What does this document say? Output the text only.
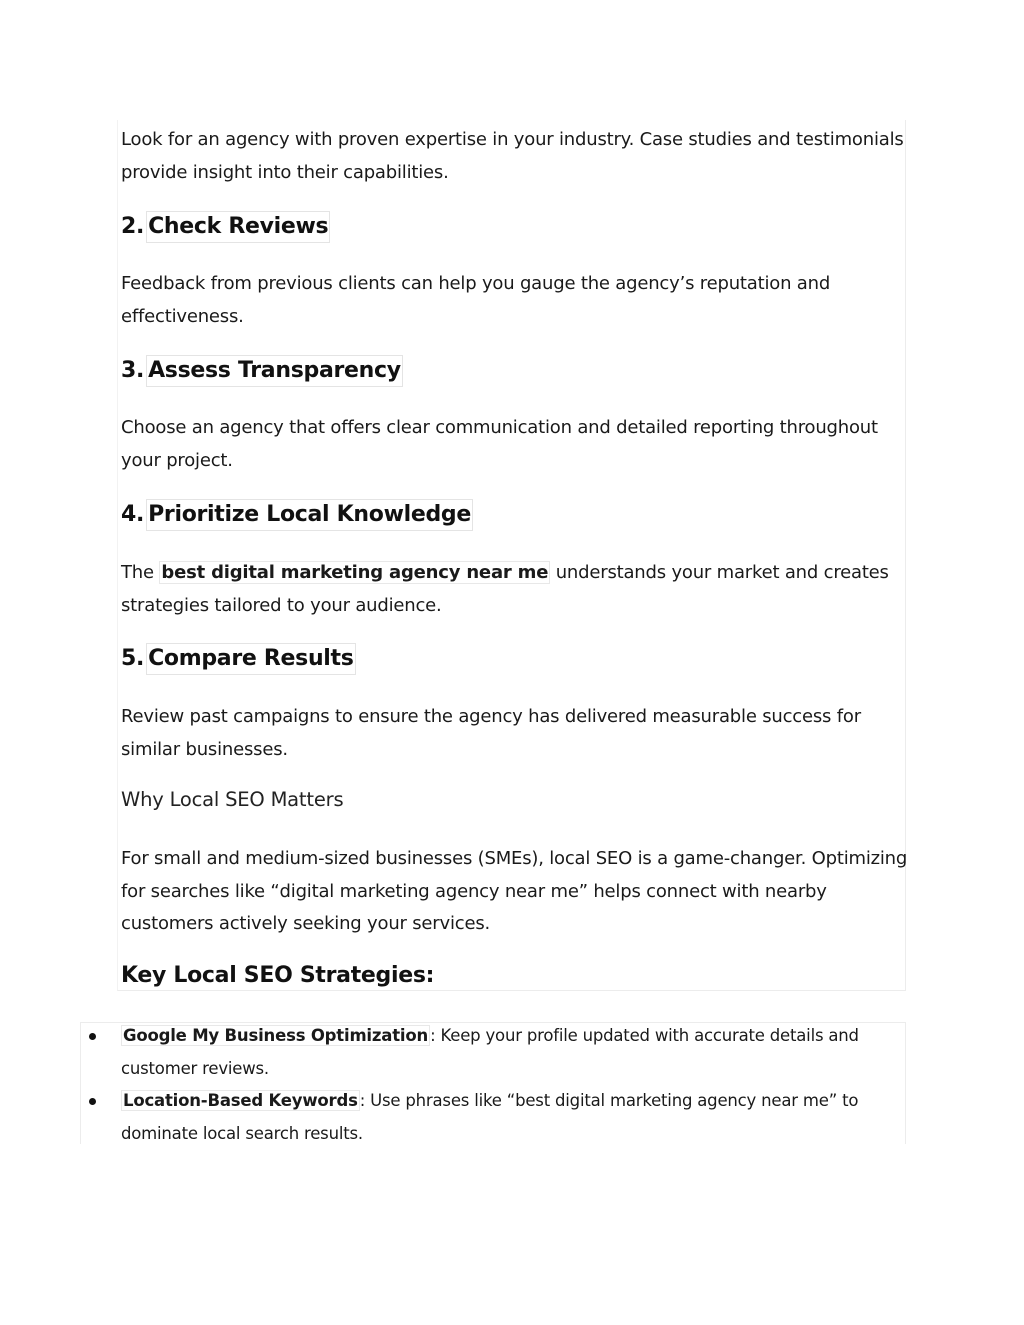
Look for an agency with proven expertise in your industry. Case studies and testimonials provide insight into their capabilities.

2. Check Reviews

Feedback from previous clients can help you gauge the agency’s reputation and effectiveness.

3. Assess Transparency

Choose an agency that offers clear communication and detailed reporting throughout your project.

4. Prioritize Local Knowledge

The best digital marketing agency near me understands your market and creates strategies tailored to your audience.

5. Compare Results

Review past campaigns to ensure the agency has delivered measurable success for similar businesses.

Why Local SEO Matters

For small and medium-sized businesses (SMEs), local SEO is a game-changer. Optimizing for searches like “digital marketing agency near me” helps connect with nearby customers actively seeking your services.

Key Local SEO Strategies:
Google My Business Optimization : Keep your profile updated with accurate details and customer reviews.
Location-Based Keywords : Use phrases like “best digital marketing agency near me” to dominate local search results.
